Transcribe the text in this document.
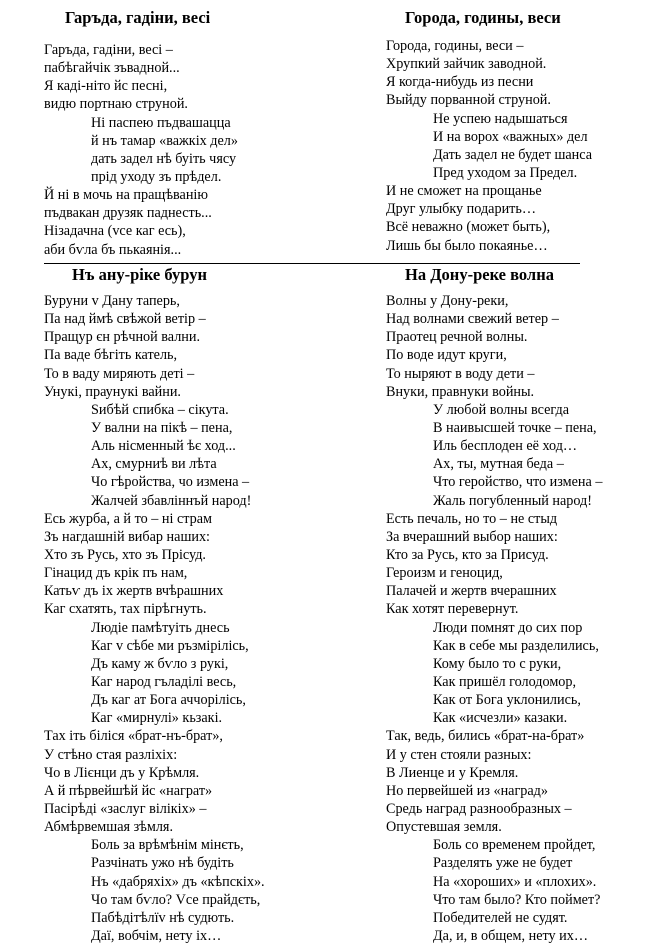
Гаръда, гадіни, весі
Гаръда, гадіни, весі –
пабѣгайчік зъвадной...
Я каді-ніто йс песні,
видю портнаю струной.
Ні паспею пъдвашацца
й нъ тамар «важкіх дел»
дать задел нѣ буіть чясу
прід уходу зъ прѣдел.
Й ні в мочь на пращѣванію
пъдвакан друзяк паднесть...
Нізадачна (vсе каг есь),
аби бѵла бъ пькаянія...
Города, годины, веси
Города, годины, веси –
Хрупкий зайчик заводной.
Я когда-нибудь из песни
Выйду порванной струной.
Не успею надышаться
И на ворох «важных» дел
Дать задел не будет шанса
Пред уходом за Предел.
И не сможет на прощанье
Друг улыбку подарить…
Всё неважно (может быть),
Лишь бы было покаянье…
Нъ ану-ріке бурун
Буруни v Дану таперь,
Па над ймѣ свѣжой ветір –
Пращур єн рѣчной вални.
Па ваде бѣгіть катель,
То в ваду миряють деті –
Унукі, праунукі вайни.
Sибѣй спибка – сікута.
У вални на пікѣ – пена,
Аль нісменный ѣє ход...
Ах, смурниѣ ви лѣта
Чо гѣройства, чо измена –
Жалчей збавліннъй народ!
Есь журба, а й то – ні страм
Зъ нагдашній вибар наших:
Хто зъ Русь, хто зъ Прісуд.
Гінацид дъ крік пъ нам,
Катьѵ дъ іх жертв вчѣрашних
Каг схатять, тах пірѣгнуть.
Людіе памѣтуіть днесь
Каг v сѣбе ми ръзмірілісь,
Дъ каму ж бѵло з рукі,
Каг народ гъладілі весь,
Дъ каг ат Бога аччорілісь,
Каг «мирнулі» кьзакі.
Тах іть біліся «брат-нъ-брат»,
У стѣно стая разліхіх:
Чо в Лієнци дъ у Крѣмля.
А й пѣрвейшѣй йс «награт»
Пасірѣді «заслуг вілікіх» –
Абмѣрвемшая зѣмля.
Боль за врѣмѣнім мінєть,
Разчінать ужо нѣ будіть
Нъ «дабряхіх» дъ «кѣпскіх».
Чо там бѵло? Vсе прайдєть,
Пабѣдітѣлїv нѣ судють.
Даї, вобчім, нету іх…
На Дону-реке волна
Волны у Дону-реки,
Над волнами свежий ветер –
Праотец речной волны.
По воде идут круги,
То ныряют в воду дети –
Внуки, правнуки войны.
У любой волны всегда
В наивысшей точке – пена,
Иль бесплоден её ход…
Ах, ты, мутная беда –
Что геройство, что измена –
Жаль погубленный народ!
Есть печаль, но то – не стыд
За вчерашний выбор наших:
Кто за Русь, кто за Присуд.
Героизм и геноцид,
Палачей и жертв вчерашних
Как хотят перевернут.
Люди помнят до сих пор
Как в себе мы разделились,
Кому было то с руки,
Как пришёл голодомор,
Как от Бога уклонились,
Как «исчезли» казаки.
Так, ведь, бились «брат-на-брат»
И у стен стояли разных:
В Лиенце и у Кремля.
Но первейшей из «наград»
Средь наград разнообразных –
Опустевшая земля.
Боль со временем пройдет,
Разделять уже не будет
На «хороших» и «плохих».
Что там было? Кто поймет?
Победителей не судят.
Да, и, в общем, нету их…
